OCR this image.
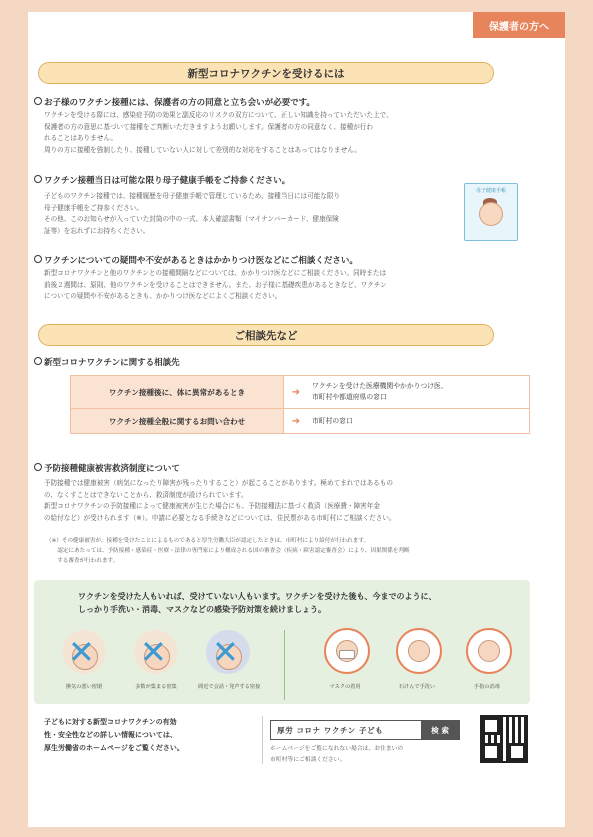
保護者の方へ
新型コロナワクチンを受けるには
お子様のワクチン接種には、保護者の方の同意と立ち会いが必要です。
ワクチンを受ける際には、感染症予防の効果と副反応のリスクの双方について、正しい知識を持っていただいた上で、
保護者の方の意思に基づいて接種をご判断いただきますようお願いします。保護者の方の同意なく、接種が行わ
れることはありません。
周りの方に接種を強制したり、接種していない人に対して差別的な対応をすることはあってはなりません。
ワクチン接種当日は可能な限り母子健康手帳をご持参ください。
子どものワクチン接種では、接種履歴を母子健康手帳で管理しているため、接種当日には可能な限り
母子健康手帳をご持参ください。
その他、このお知らせが入っていた封筒の中の一式、本人確認書類（マイナンバーカード、健康保険
証等）を忘れずにお持ちください。
母子健康手帳
ワクチンについての疑問や不安があるときはかかりつけ医などにご相談ください。
新型コロナワクチンと他のワクチンとの接種間隔などについては、かかりつけ医などにご相談ください。同時または
前後２週間は、原則、他のワクチンを受けることはできません。また、お子様に基礎疾患があるときなど、ワクチン
についての疑問や不安があるときも、かかりつけ医などによくご相談ください。
ご相談先など
新型コロナワクチンに関する相談先
ワクチン接種後に、体に異常があるとき	➜	ワクチンを受けた医療機関やかかりつけ医、
市町村や都道府県の窓口

ワクチン接種全般に関するお問い合わせ	➜	市町村の窓口
予防接種健康被害救済制度について
予防接種では健康被害（病気になったり障害が残ったりすること）が起こることがあります。極めてまれではあるもの
の、なくすことはできないことから、救済制度が設けられています。
新型コロナワクチンの予防接種によって健康被害が生じた場合にも、予防接種法に基づく救済（医療費・障害年金
の給付など）が受けられます（※）。申請に必要となる手続きなどについては、住民票がある市町村にご相談ください。
（※）その健康被害が、接種を受けたことによるものであると厚生労働大臣が認定したときは、市町村により給付が行われます。
　　認定にあたっては、予防接種・感染症・医療・法律の専門家により構成される国の審査会（疾病・障害認定審査会）により、因果関係を判断
　　する審査が行われます。
ワクチンを受けた人もいれば、受けていない人もいます。ワクチンを受けた後も、今までのように、
しっかり手洗い・消毒、マスクなどの感染予防対策を続けましょう。
✕ ✕ ✕
換気の悪い密閉	多数が集まる密集	間近で会話・発声する密接	マスクの着用	石けんで手洗い	手指の消毒
子どもに対する新型コロナワクチンの有効
性・安全性などの詳しい情報については、
厚生労働省のホームページをご覧ください。
厚労 コロナ ワクチン 子ども	検 索
ホームページをご覧になれない場合は、お住まいの
市町村等にご相談ください。
